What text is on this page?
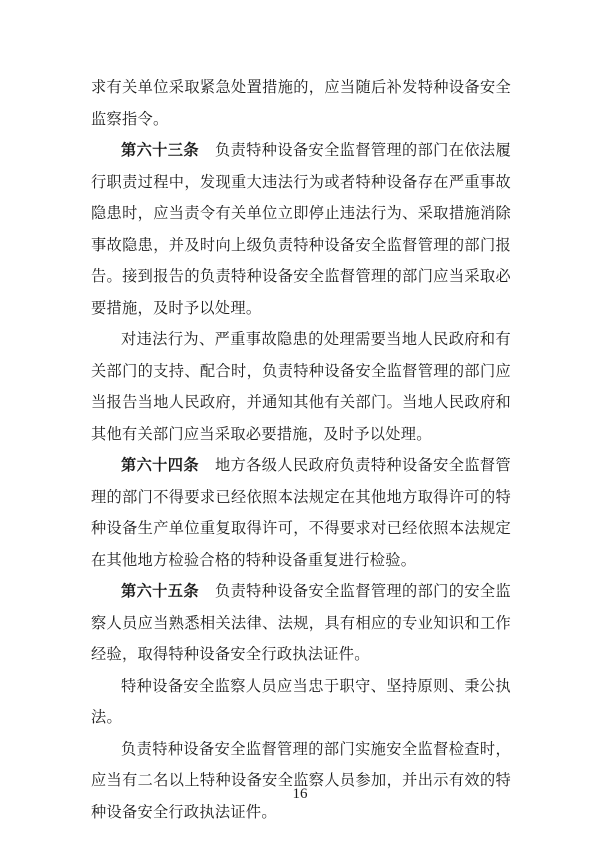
求有关单位采取紧急处置措施的，应当随后补发特种设备安全监察指令。

第六十三条 负责特种设备安全监督管理的部门在依法履行职责过程中，发现重大违法行为或者特种设备存在严重事故隐患时，应当责令有关单位立即停止违法行为、采取措施消除事故隐患，并及时向上级负责特种设备安全监督管理的部门报告。接到报告的负责特种设备安全监督管理的部门应当采取必要措施，及时予以处理。

对违法行为、严重事故隐患的处理需要当地人民政府和有关部门的支持、配合时，负责特种设备安全监督管理的部门应当报告当地人民政府，并通知其他有关部门。当地人民政府和其他有关部门应当采取必要措施，及时予以处理。

第六十四条 地方各级人民政府负责特种设备安全监督管理的部门不得要求已经依照本法规定在其他地方取得许可的特种设备生产单位重复取得许可，不得要求对已经依照本法规定在其他地方检验合格的特种设备重复进行检验。

第六十五条 负责特种设备安全监督管理的部门的安全监察人员应当熟悉相关法律、法规，具有相应的专业知识和工作经验，取得特种设备安全行政执法证件。

特种设备安全监察人员应当忠于职守、坚持原则、秉公执法。

负责特种设备安全监督管理的部门实施安全监督检查时，应当有二名以上特种设备安全监察人员参加，并出示有效的特种设备安全行政执法证件。

16
